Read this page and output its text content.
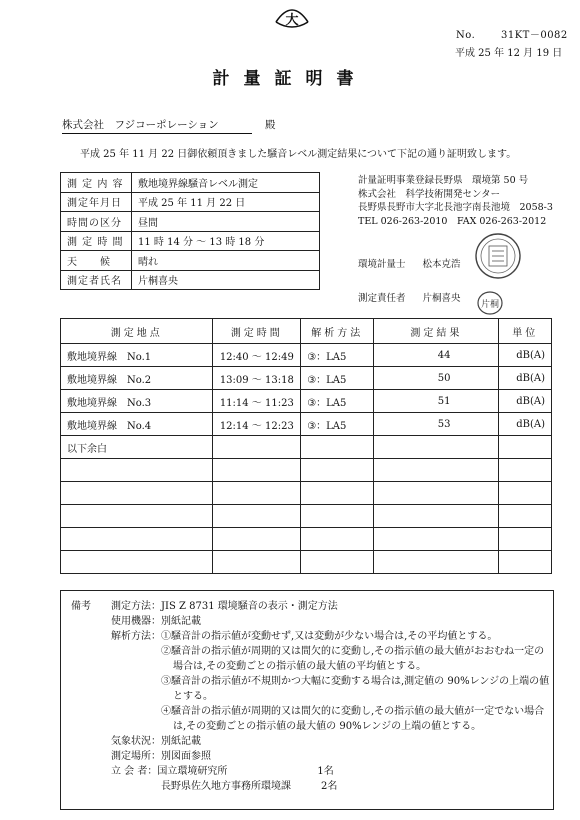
大
No.	31KT－0082
平成 25 年 12 月 19 日
計量証明書
株式会社　フジコーポレーション	殿
平成 25 年 11 月 22 日御依頼頂きました騒音レベル測定結果について下記の通り証明致します。
測 定 内 容	敷地境界線騒音レベル測定
測定年月日	平成 25 年 11 月 22 日
時間の区分	昼間
測 定 時 間	11 時 14 分 ～ 13 時 18 分
天　　候	晴れ
測定者氏名	片桐喜央
計量証明事業登録長野県　環境第 50 号
株式会社　科学技術開発センター
長野県長野市大字北長池字南長池境　2058-3
TEL 026-263-2010　FAX 026-263-2012
環境計量士 松本克浩
測定責任者 片桐喜央
片桐
測定地点	測定時間	解析方法	測定結果	単位
敷地境界線　No.1	12:40 ～ 12:49	③：LA5	44	dB(A)
敷地境界線　No.2	13:09 ～ 13:18	③：LA5	50	dB(A)
敷地境界線　No.3	11:14 ～ 11:23	③：LA5	51	dB(A)
敷地境界線　No.4	12:14 ～ 12:23	③：LA5	53	dB(A)
以下余白				

備考 測定方法：JIS Z 8731 環境騒音の表示・測定方法
使用機器：別紙記載
解析方法：①騒音計の指示値が変動せず,又は変動が少ない場合は,その平均値とする。
②騒音計の指示値が周期的又は間欠的に変動し,その指示値の最大値がおおむね一定の
場合は,その変動ごとの指示値の最大値の平均値とする。
③騒音計の指示値が不規則かつ大幅に変動する場合は,測定値の 90%レンジの上端の値
とする。
④騒音計の指示値が周期的又は間欠的に変動し,その指示値の最大値が一定でない場合
は,その変動ごとの指示値の最大値の 90%レンジの上端の値とする。
気象状況：別紙記載
測定場所：別図面参照
立 会 者：国立環境研究所　　　　　　　　　1名
長野県佐久地方事務所環境課　　　2名
